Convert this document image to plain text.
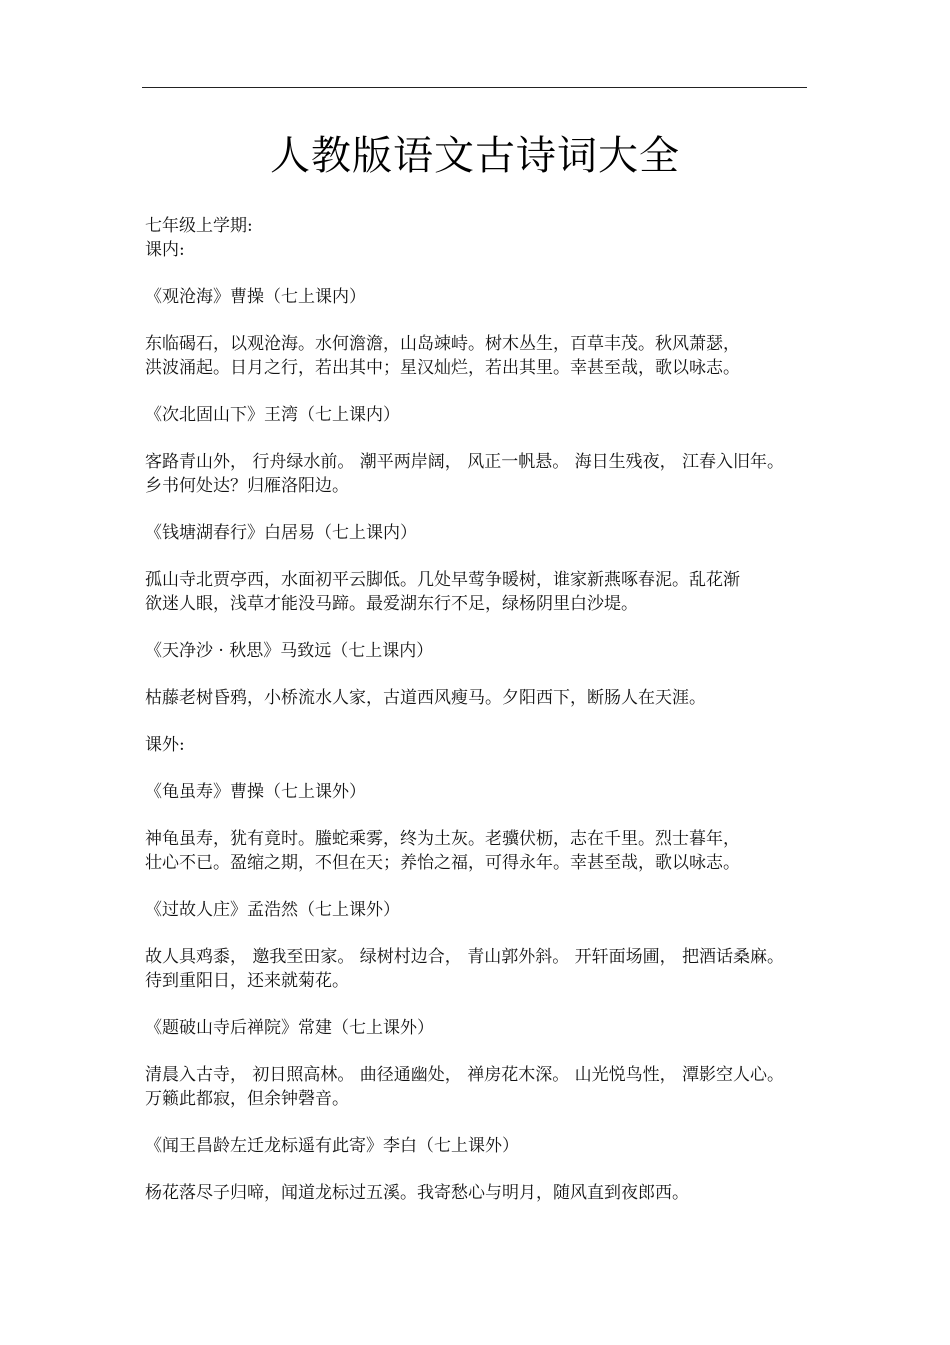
人教版语文古诗词大全

七年级上学期:

课内:

《观沧海》曹操（七上课内）

东临碣石，以观沧海。水何澹澹，山岛竦峙。树木丛生，百草丰茂。秋风萧瑟，

洪波涌起。日月之行，若出其中；星汉灿烂，若出其里。幸甚至哉，歌以咏志。

《次北固山下》王湾（七上课内）

客路青山外， 行舟绿水前。 潮平两岸阔， 风正一帆悬。 海日生残夜， 江春入旧年。

乡书何处达？归雁洛阳边。

《钱塘湖春行》白居易（七上课内）

孤山寺北贾亭西，水面初平云脚低。几处早莺争暖树，谁家新燕啄春泥。乱花渐

欲迷人眼，浅草才能没马蹄。最爱湖东行不足，绿杨阴里白沙堤。

《天净沙 · 秋思》马致远（七上课内）

枯藤老树昏鸦，小桥流水人家，古道西风瘦马。夕阳西下，断肠人在天涯。

课外:

《龟虽寿》曹操（七上课外）

神龟虽寿，犹有竟时。螣蛇乘雾，终为土灰。老骥伏枥，志在千里。烈士暮年，

壮心不已。盈缩之期，不但在天；养怡之福，可得永年。幸甚至哉，歌以咏志。

《过故人庄》孟浩然（七上课外）

故人具鸡黍， 邀我至田家。 绿树村边合， 青山郭外斜。 开轩面场圃， 把酒话桑麻。

待到重阳日，还来就菊花。

《题破山寺后禅院》常建（七上课外）

清晨入古寺， 初日照高林。 曲径通幽处， 禅房花木深。 山光悦鸟性， 潭影空人心。

万籁此都寂，但余钟磬音。

《闻王昌龄左迁龙标遥有此寄》李白（七上课外）

杨花落尽子归啼，闻道龙标过五溪。我寄愁心与明月，随风直到夜郎西。
